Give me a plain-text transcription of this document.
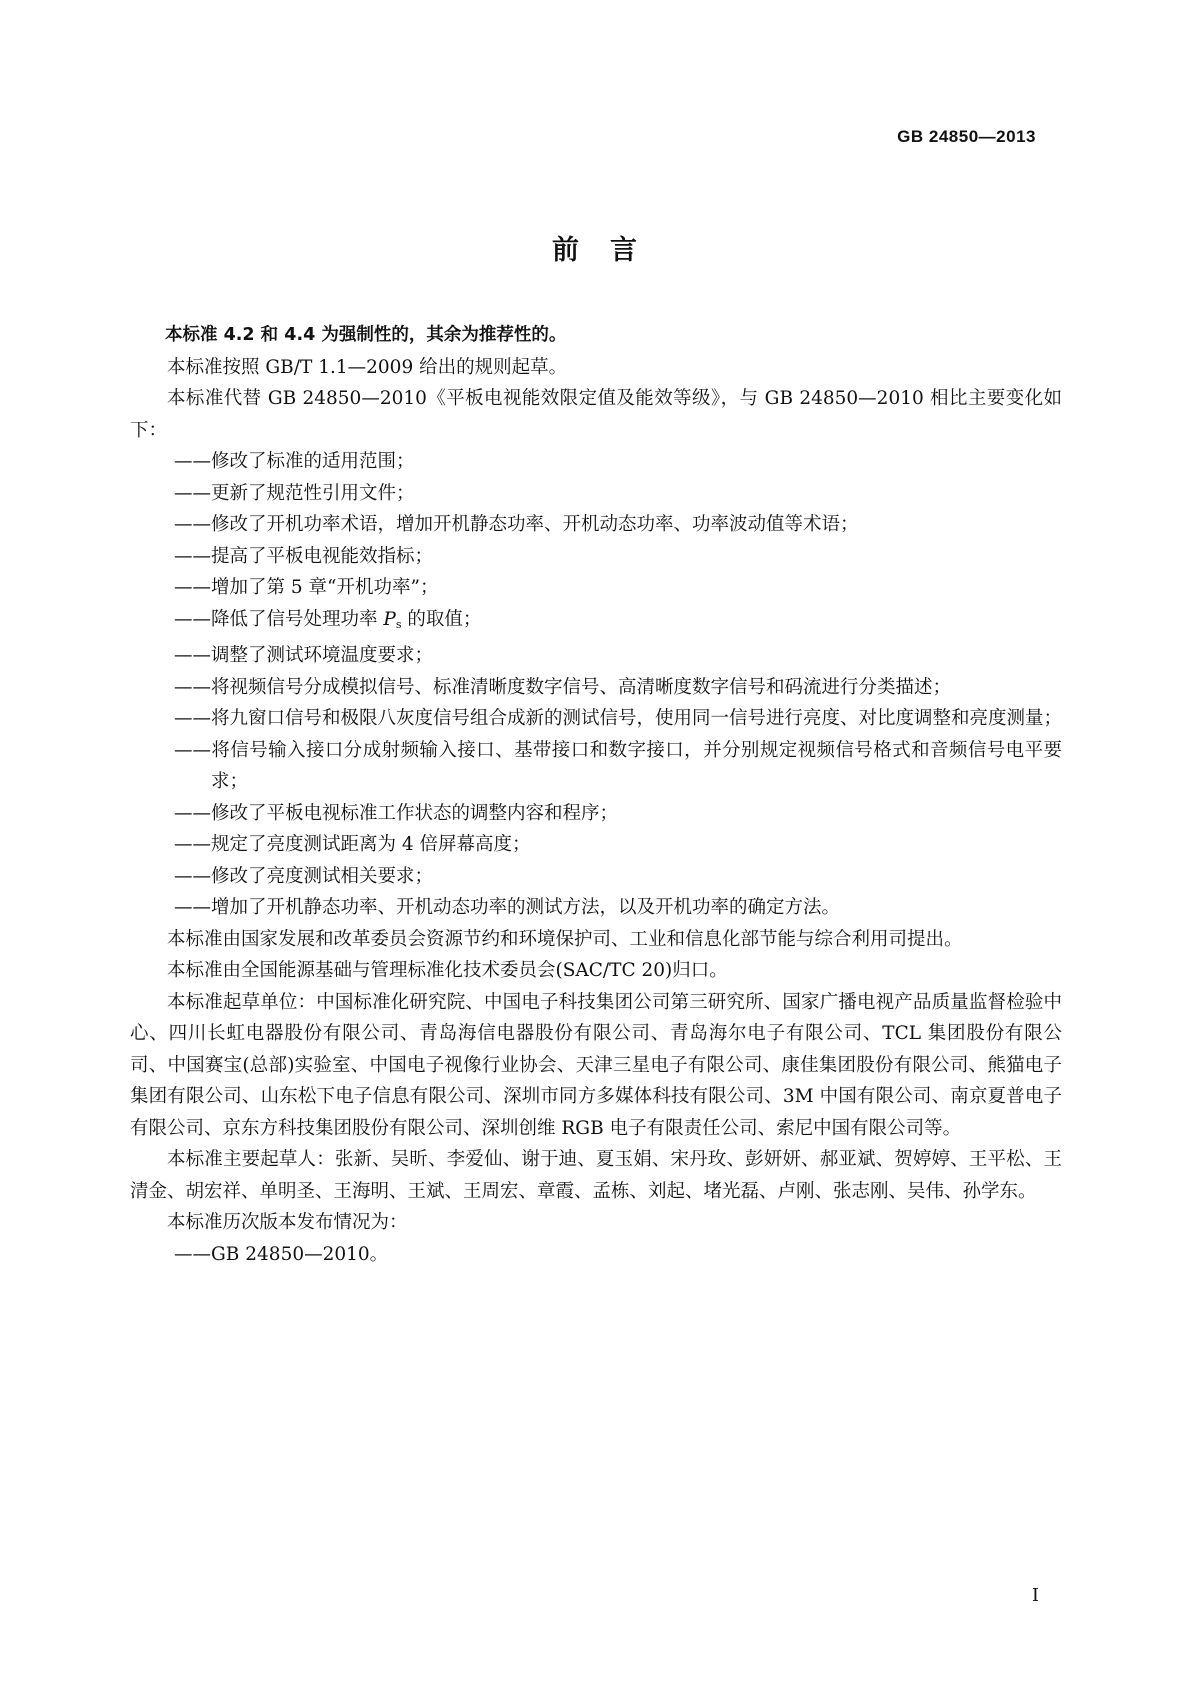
GB 24850—2013
前　言

本标准 4.2 和 4.4 为强制性的，其余为推荐性的。

本标准按照 GB/T 1.1—2009 给出的规则起草。

本标准代替 GB 24850—2010《平板电视能效限定值及能效等级》，与 GB 24850—2010 相比主要变化如下：

——修改了标准的适用范围；
——更新了规范性引用文件；
——修改了开机功率术语，增加开机静态功率、开机动态功率、功率波动值等术语；
——提高了平板电视能效指标；
——增加了第 5 章“开机功率”；
——降低了信号处理功率 $P_s$ 的取值；
——调整了测试环境温度要求；
——将视频信号分成模拟信号、标准清晰度数字信号、高清晰度数字信号和码流进行分类描述；
——将九窗口信号和极限八灰度信号组合成新的测试信号，使用同一信号进行亮度、对比度调整和亮度测量；
——将信号输入接口分成射频输入接口、基带接口和数字接口，并分别规定视频信号格式和音频信号电平要求；
——修改了平板电视标准工作状态的调整内容和程序；
——规定了亮度测试距离为 4 倍屏幕高度；
——修改了亮度测试相关要求；
——增加了开机静态功率、开机动态功率的测试方法，以及开机功率的确定方法。

本标准由国家发展和改革委员会资源节约和环境保护司、工业和信息化部节能与综合利用司提出。

本标准由全国能源基础与管理标准化技术委员会(SAC/TC 20)归口。

本标准起草单位：中国标准化研究院、中国电子科技集团公司第三研究所、国家广播电视产品质量监督检验中心、四川长虹电器股份有限公司、青岛海信电器股份有限公司、青岛海尔电子有限公司、TCL 集团股份有限公司、中国赛宝(总部)实验室、中国电子视像行业协会、天津三星电子有限公司、康佳集团股份有限公司、熊猫电子集团有限公司、山东松下电子信息有限公司、深圳市同方多媒体科技有限公司、3M 中国有限公司、南京夏普电子有限公司、京东方科技集团股份有限公司、深圳创维 RGB 电子有限责任公司、索尼中国有限公司等。

本标准主要起草人：张新、吴昕、李爱仙、谢于迪、夏玉娟、宋丹玫、彭妍妍、郝亚斌、贺婷婷、王平松、王清金、胡宏祥、单明圣、王海明、王斌、王周宏、章霞、孟栋、刘起、堵光磊、卢刚、张志刚、吴伟、孙学东。

本标准历次版本发布情况为：

——GB 24850—2010。
I
